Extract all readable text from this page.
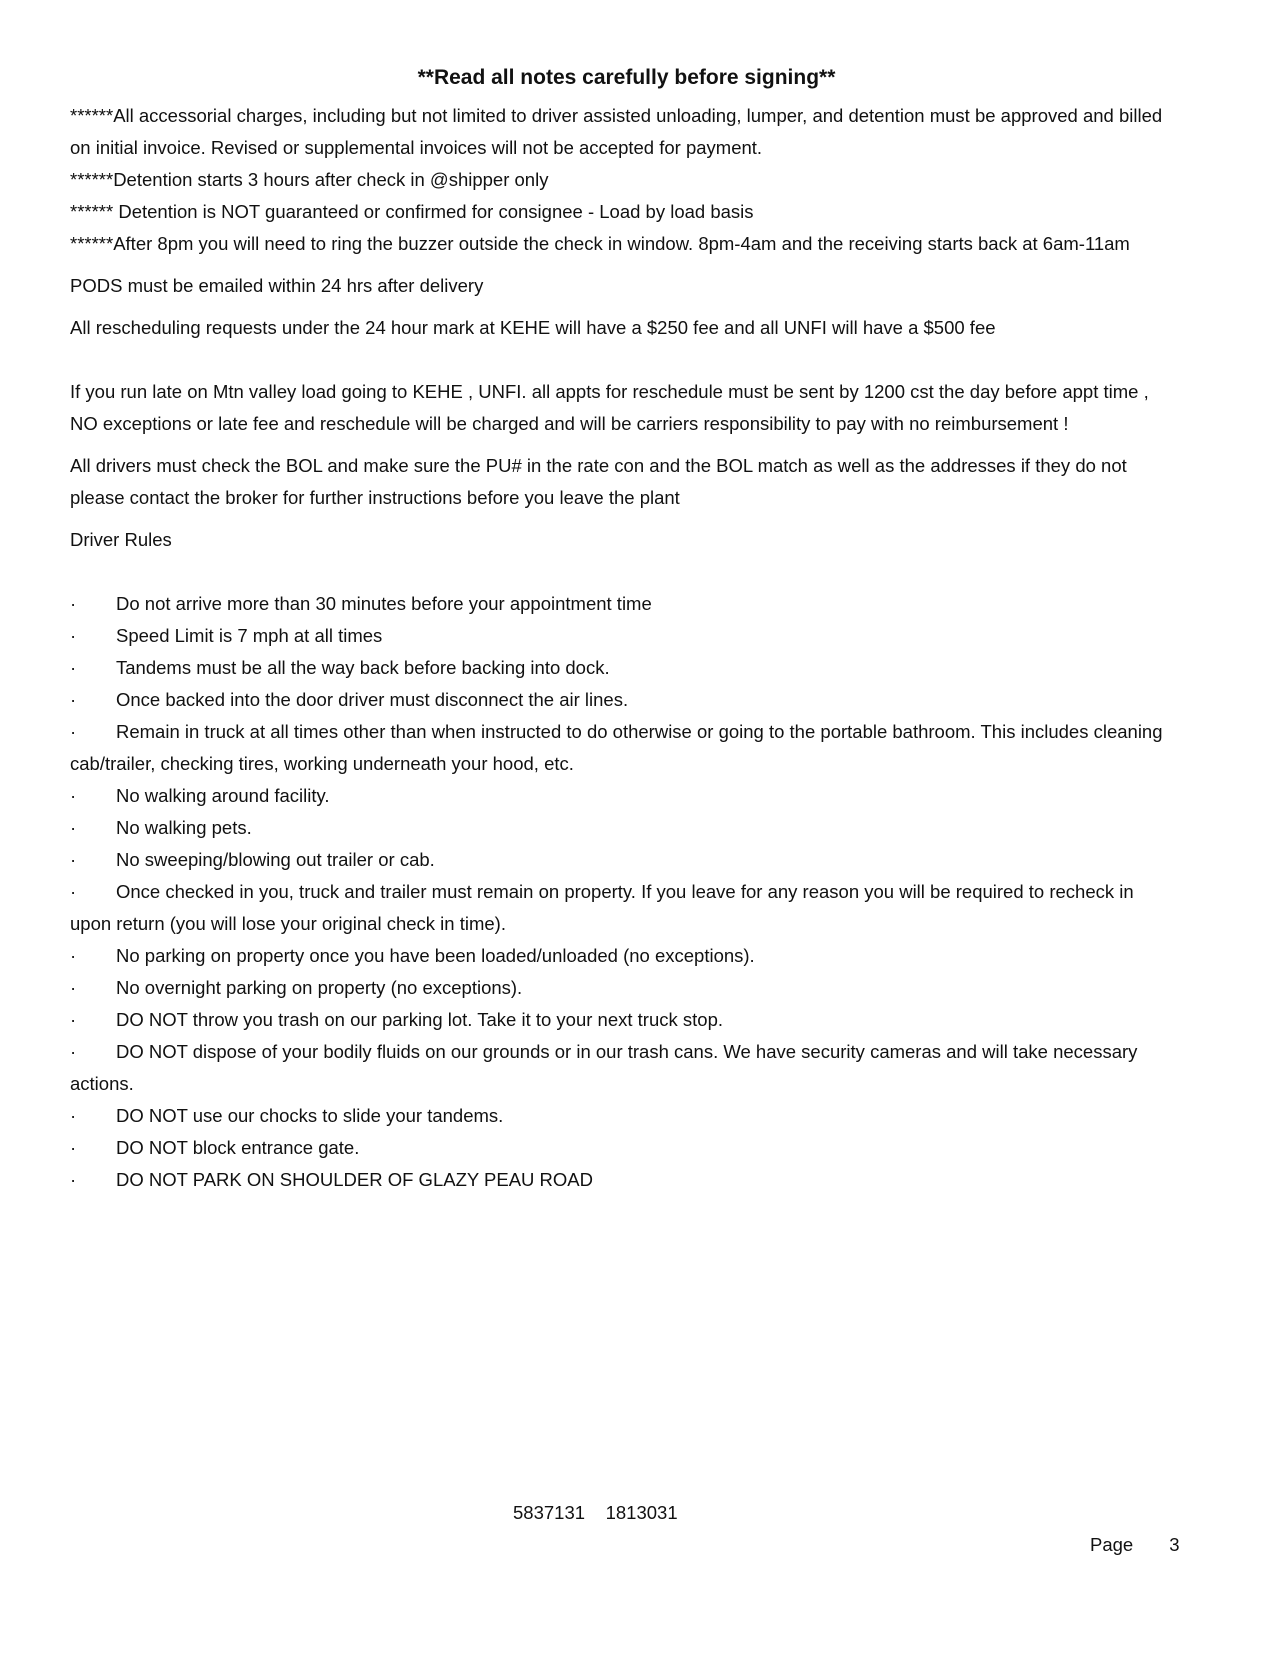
**Read all notes carefully before signing**

******All accessorial charges, including but not limited to driver assisted unloading, lumper, and detention must be approved and billed on initial invoice. Revised or supplemental invoices will not be accepted for payment.

******Detention starts 3 hours after check in @shipper only

****** Detention is NOT guaranteed or confirmed for consignee - Load by load basis

******After 8pm you will need to ring the buzzer outside the check in window. 8pm-4am and the receiving starts back at 6am-11am

PODS must be emailed within 24 hrs after delivery

All rescheduling requests under the 24 hour mark at KEHE will have a $250 fee and all UNFI will have a $500 fee

If you run late on Mtn valley load going to KEHE , UNFI. all appts for reschedule must be sent by 1200 cst the day before appt time , NO exceptions or late fee and reschedule will be charged and will be carriers responsibility to pay with no reimbursement !

All drivers must check the BOL and make sure the PU# in the rate con and the BOL match as well as the addresses if they do not please contact the broker for further instructions before you leave the plant

Driver Rules

· Do not arrive more than 30 minutes before your appointment time
· Speed Limit is 7 mph at all times
· Tandems must be all the way back before backing into dock.
· Once backed into the door driver must disconnect the air lines.
· Remain in truck at all times other than when instructed to do otherwise or going to the portable bathroom. This includes cleaning cab/trailer, checking tires, working underneath your hood, etc.
· No walking around facility.
· No walking pets.
· No sweeping/blowing out trailer or cab.
· Once checked in you, truck and trailer must remain on property. If you leave for any reason you will be required to recheck in upon return (you will lose your original check in time).
· No parking on property once you have been loaded/unloaded (no exceptions).
· No overnight parking on property (no exceptions).
· DO NOT throw you trash on our parking lot. Take it to your next truck stop.
· DO NOT dispose of your bodily fluids on our grounds or in our trash cans. We have security cameras and will take necessary actions.
· DO NOT use our chocks to slide your tandems.
· DO NOT block entrance gate.
· DO NOT PARK ON SHOULDER OF GLAZY PEAU ROAD
5837131    1813031
Page 3
